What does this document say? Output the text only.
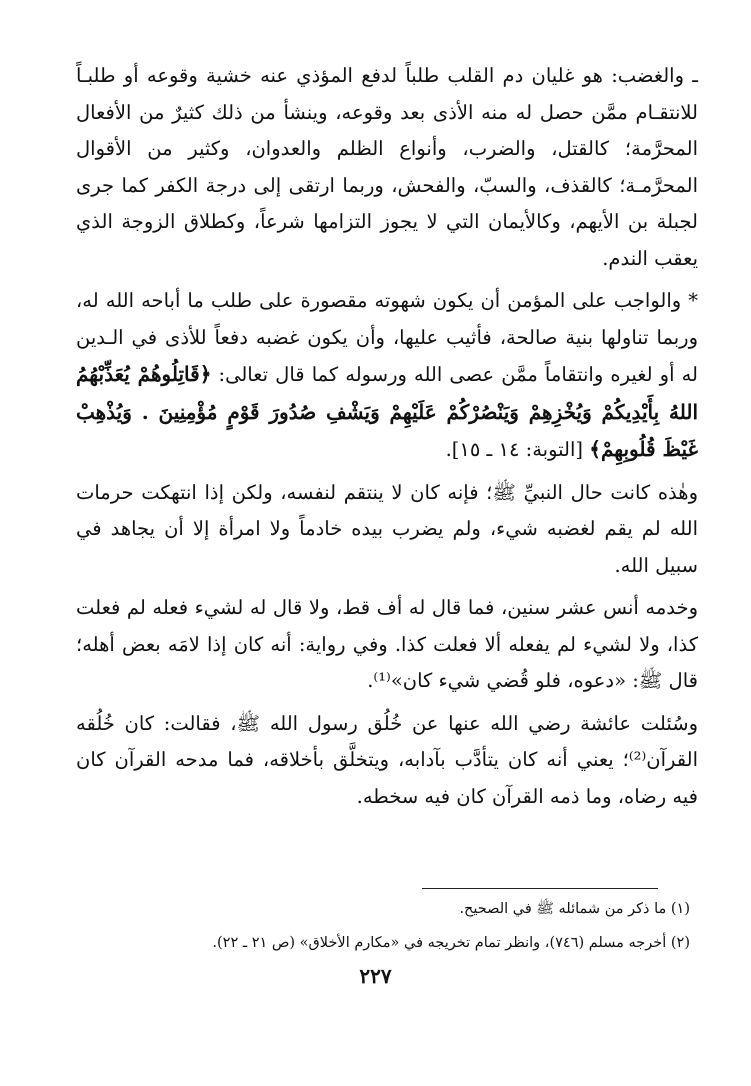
ـ والغضب: هو غليان دم القلب طلباً لدفع المؤذي عنه خشية وقوعه أو طلبـاً للانتقـام ممَّن حصل له منه الأذى بعد وقوعه، وينشأ من ذلك كثيرٌ من الأفعال المحرَّمة؛ كالقتل، والضرب، وأنواع الظلم والعدوان، وكثير من الأقوال المحرَّمـة؛ كالقذف، والسبّ، والفحش، وربما ارتقى إلى درجة الكفر كما جرى لجبلة بن الأيهم، وكالأيمان التي لا يجوز التزامها شرعاً، وكطلاق الزوجة الذي يعقب الندم.

* والواجب على المؤمن أن يكون شهوته مقصورة على طلب ما أباحه الله له، وربما تناولها بنية صالحة، فأثيب عليها، وأن يكون غضبه دفعاً للأذى في الـدين له أو لغيره وانتقاماً ممَّن عصى الله ورسوله كما قال تعالى: ﴿قَاتِلُوهُمْ يُعَذِّبْهُمُ اللهُ بِأَيْدِيكُمْ وَيُخْزِهِمْ وَيَنْصُرْكُمْ عَلَيْهِمْ وَيَشْفِ صُدُورَ قَوْمٍ مُؤْمِنِينَ . وَيُذْهِبْ غَيْظَ قُلُوبِهِمْ﴾ [التوبة: ١٤ ـ ١٥].

وهٰذه كانت حال النبيِّ ﷺ؛ فإنه كان لا ينتقم لنفسه، ولكن إذا انتهكت حرمات الله لم يقم لغضبه شيء، ولم يضرب بيده خادماً ولا امرأة إلا أن يجاهد في سبيل الله.

وخدمه أنس عشر سنين، فما قال له أف قط، ولا قال له لشيء فعله لم فعلت كذا، ولا لشيء لم يفعله ألا فعلت كذا. وفي رواية: أنه كان إذا لامَه بعض أهله؛ قال ﷺ: «دعوه، فلو قُضي شيء كان»⁽¹⁾.

وسُئلت عائشة رضي الله عنها عن خُلُق رسول الله ﷺ، فقالت: كان خُلُقه القرآن⁽²⁾؛ يعني أنه كان يتأدَّب بآدابه، ويتخلَّق بأخلاقه، فما مدحه القرآن كان فيه رضاه، وما ذمه القرآن كان فيه سخطه.

(١) ما ذكر من شمائله ﷺ في الصحيح.

(٢) أخرجه مسلم (٧٤٦)، وانظر تمام تخريجه في «مكارم الأخلاق» (ص ٢١ ـ ٢٢).

٢٢٧
